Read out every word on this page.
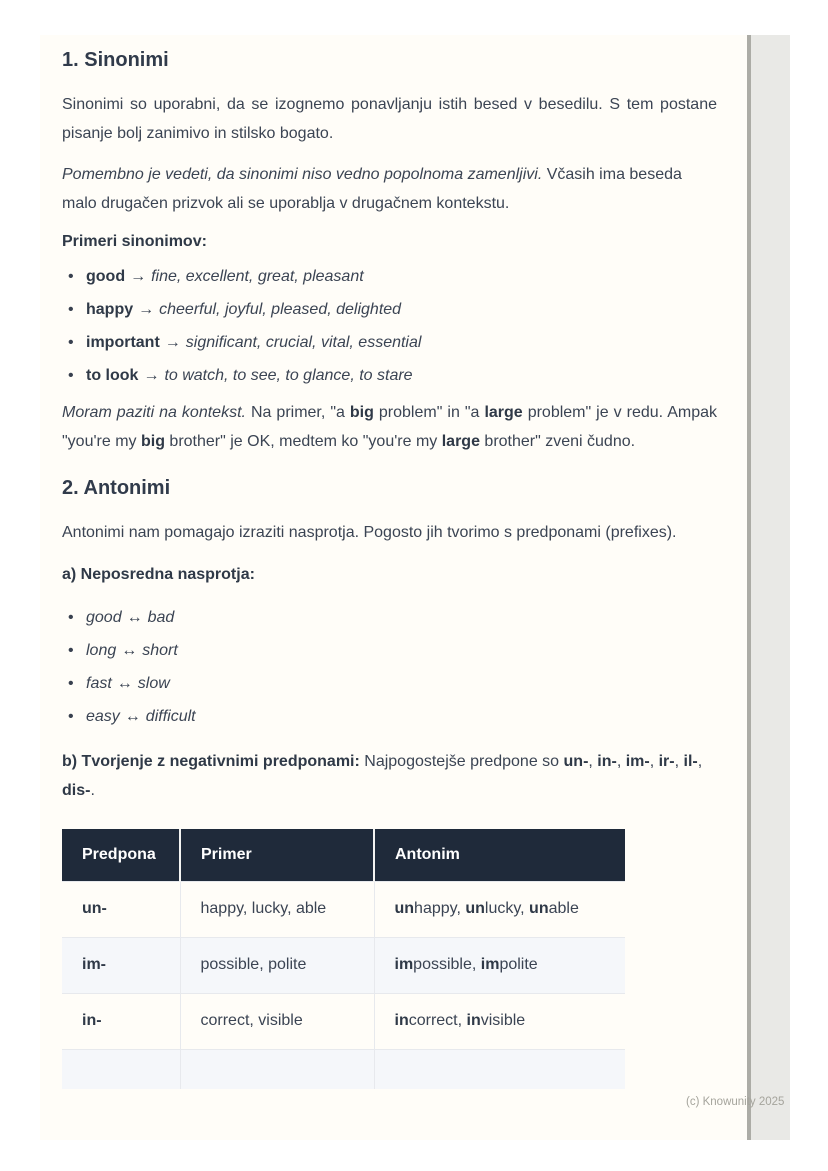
1. Sinonimi

Sinonimi so uporabni, da se izognemo ponavljanju istih besed v besedilu. S tem postane pisanje bolj zanimivo in stilsko bogato.

Pomembno je vedeti, da sinonimi niso vedno popolnoma zamenljivi. Včasih ima beseda malo drugačen prizvok ali se uporablja v drugačnem kontekstu.

Primeri sinonimov:

• good → fine, excellent, great, pleasant
• happy → cheerful, joyful, pleased, delighted
• important → significant, crucial, vital, essential
• to look → to watch, to see, to glance, to stare

Moram paziti na kontekst. Na primer, "a big problem" in "a large problem" je v redu. Ampak "you're my big brother" je OK, medtem ko "you're my large brother" zveni čudno.

2. Antonimi

Antonimi nam pomagajo izraziti nasprotja. Pogosto jih tvorimo s predponami (prefixes).

a) Neposredna nasprotja:

• good ↔ bad
• long ↔ short
• fast ↔ slow
• easy ↔ difficult

b) Tvorjenje z negativnimi predponami: Najpogostejše predpone so un-, in-, im-, ir-, il-, dis-.

Predpona	Primer	Antonim
un-	happy, lucky, able	unhappy, unlucky, unable
im-	possible, polite	impossible, impolite
in-	correct, visible	incorrect, invisible

(c) Knowunity 2025
